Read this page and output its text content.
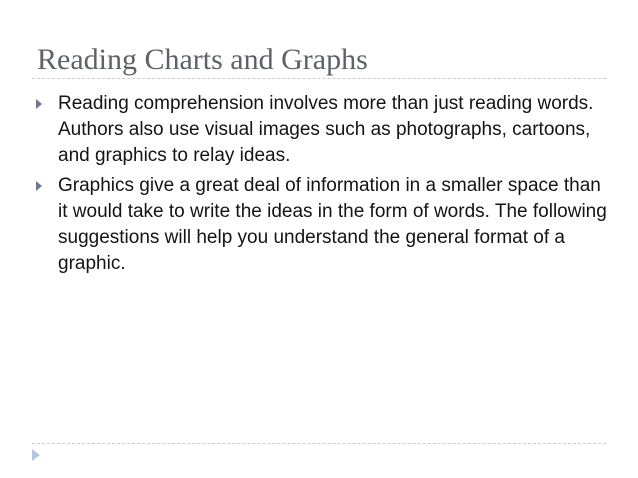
Reading Charts and Graphs
Reading comprehension involves more than just reading words. Authors also use visual images such as photographs, cartoons, and graphics to relay ideas.
Graphics give a great deal of information in a smaller space than it would take to write the ideas in the form of words. The following suggestions will help you understand the general format of a graphic.
